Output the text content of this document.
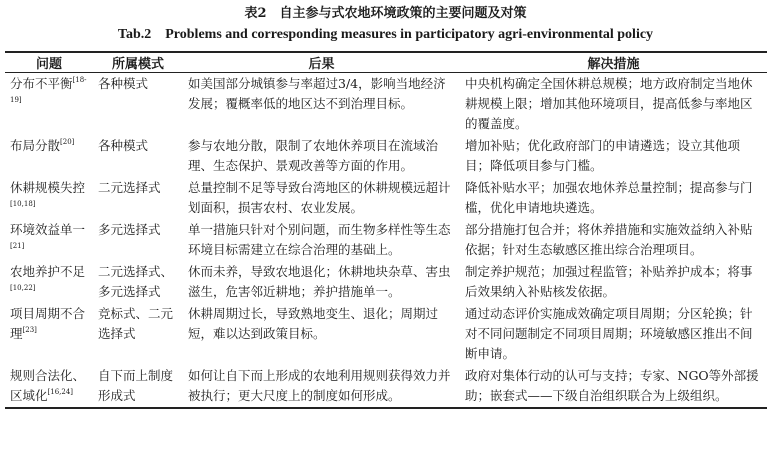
表2　自主参与式农地环境政策的主要问题及对策
Tab.2　Problems and corresponding measures in participatory agri-environmental policy
问题	所属模式	后果	解决措施
分布不平衡[18-19]	各种模式	如美国部分城镇参与率超过3/4，影响当地经济发展；覆概率低的地区达不到治理目标。	中央机构确定全国休耕总规模；地方政府制定当地休耕规模上限；增加其他环境项目，提高低参与率地区的覆盖度。
布局分散[20]	各种模式	参与农地分散，限制了农地休养项目在流域治理、生态保护、景观改善等方面的作用。	增加补贴；优化政府部门的申请遴选；设立其他项目；降低项目参与门槛。
休耕规模失控[10,18]	二元选择式	总量控制不足等导致台湾地区的休耕规模远超计划面积，损害农村、农业发展。	降低补贴水平；加强农地休养总量控制；提高参与门槛，优化申请地块遴选。
环境效益单一[21]	多元选择式	单一措施只针对个别问题，而生物多样性等生态环境目标需建立在综合治理的基础上。	部分措施打包合并；将休养措施和实施效益纳入补贴依据；针对生态敏感区推出综合治理项目。
农地养护不足[10,22]	二元选择式、多元选择式	休而未养，导致农地退化；休耕地块杂草、害虫滋生，危害邻近耕地；养护措施单一。	制定养护规范；加强过程监管；补贴养护成本；将事后效果纳入补贴核发依据。
项目周期不合理[23]	竞标式、二元选择式	休耕周期过长，导致熟地变生、退化；周期过短，难以达到政策目标。	通过动态评价实施成效确定项目周期；分区轮换；针对不同问题制定不同项目周期；环境敏感区推出不间断申请。
规则合法化、区域化[16,24]	自下而上制度形成式	如何让自下而上形成的农地利用规则获得效力并被执行；更大尺度上的制度如何形成。	政府对集体行动的认可与支持；专家、NGO等外部援助；嵌套式——下级自治组织联合为上级组织。
